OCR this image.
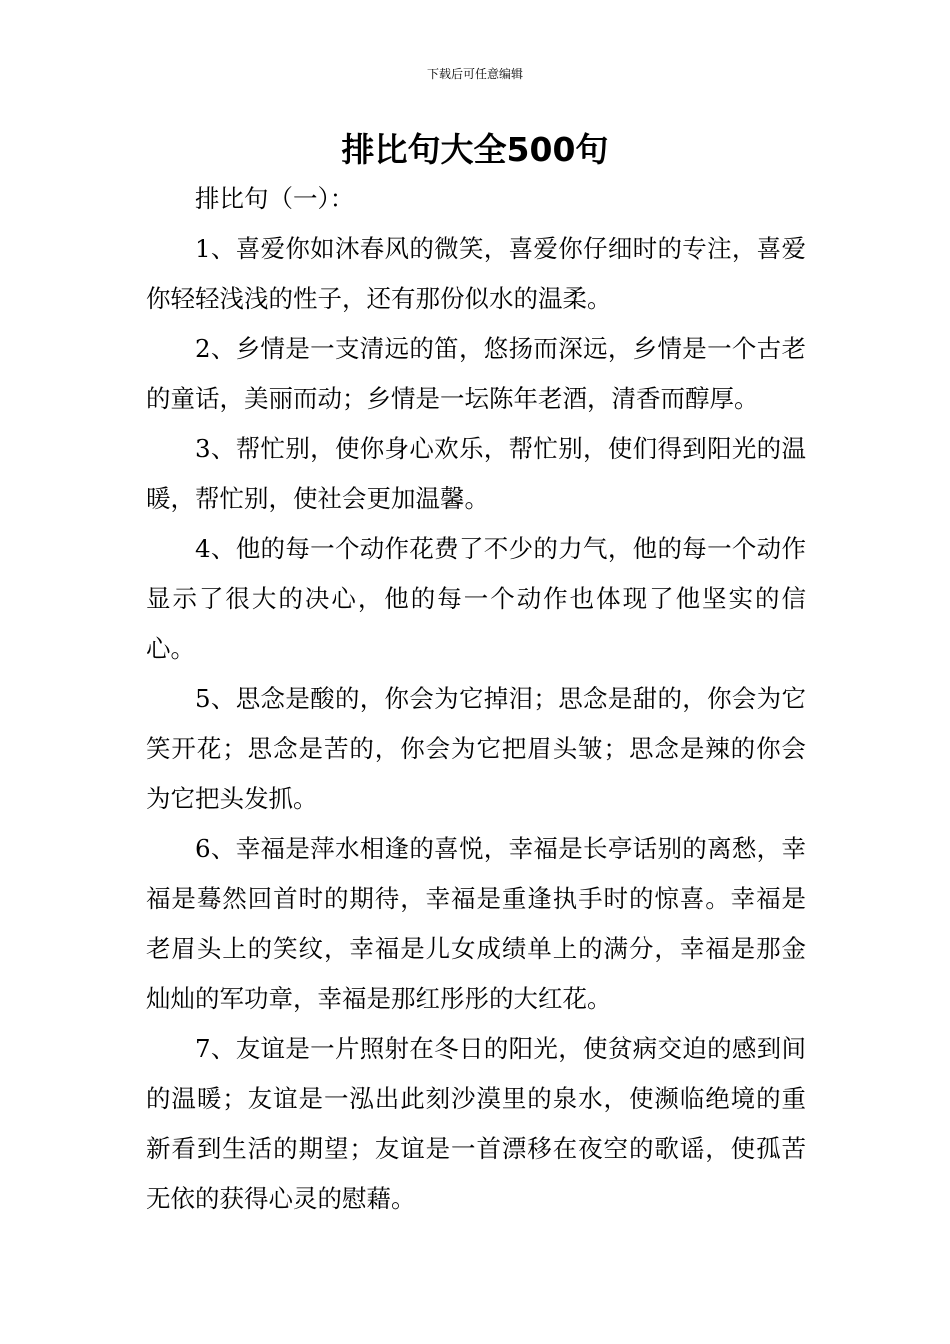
下载后可任意编辑
排比句大全500句

排比句（一）：

1、喜爱你如沐春风的微笑，喜爱你仔细时的专注，喜爱你轻轻浅浅的性子，还有那份似水的温柔。

2、乡情是一支清远的笛，悠扬而深远，乡情是一个古老的童话，美丽而动；乡情是一坛陈年老酒，清香而醇厚。

3、帮忙别，使你身心欢乐，帮忙别，使们得到阳光的温暖，帮忙别，使社会更加温馨。

4、他的每一个动作花费了不少的力气，他的每一个动作显示了很大的决心，他的每一个动作也体现了他坚实的信心。

5、思念是酸的，你会为它掉泪；思念是甜的，你会为它笑开花；思念是苦的，你会为它把眉头皱；思念是辣的你会为它把头发抓。

6、幸福是萍水相逢的喜悦，幸福是长亭话别的离愁，幸福是蓦然回首时的期待，幸福是重逢执手时的惊喜。幸福是老眉头上的笑纹，幸福是儿女成绩单上的满分，幸福是那金灿灿的军功章，幸福是那红彤彤的大红花。

7、友谊是一片照射在冬日的阳光，使贫病交迫的感到间的温暖；友谊是一泓出此刻沙漠里的泉水，使濒临绝境的重新看到生活的期望；友谊是一首漂移在夜空的歌谣，使孤苦无依的获得心灵的慰藉。
